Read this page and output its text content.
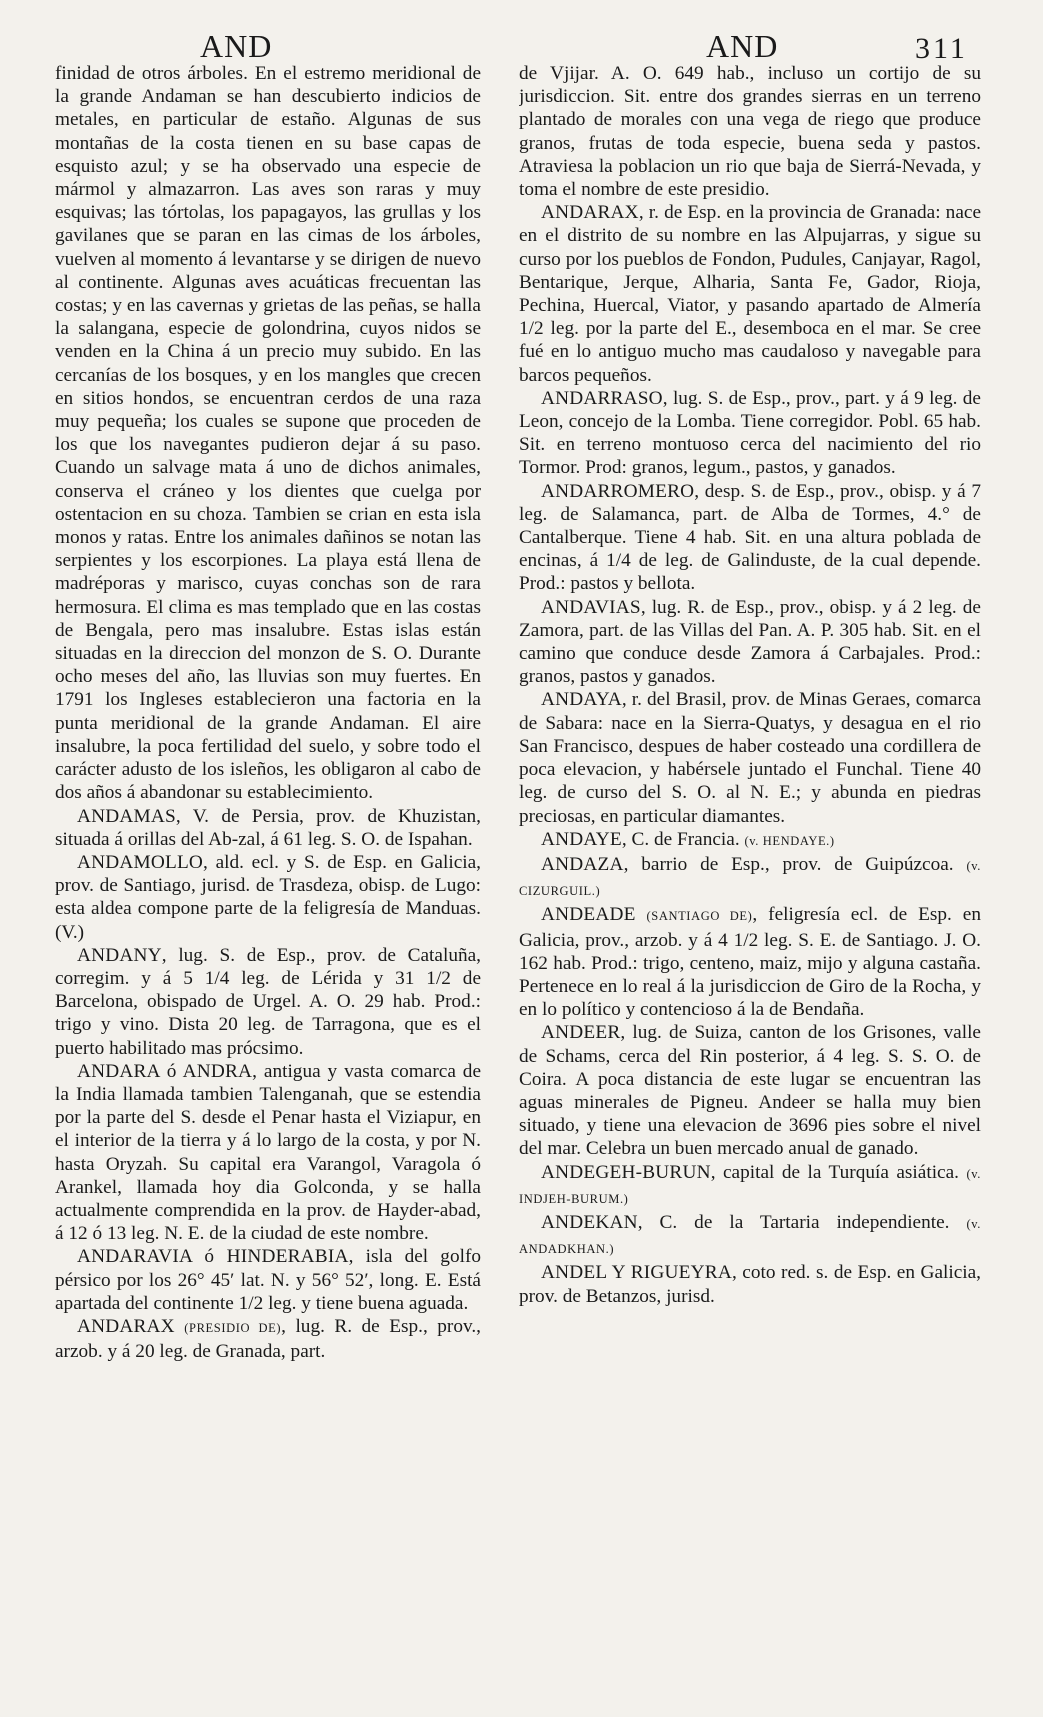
AND	AND	311

finidad de otros árboles. En el estremo meridional de la grande Andaman se han descubierto indicios de metales, en particular de estaño. Algunas de sus montañas de la costa tienen en su base capas de esquisto azul; y se ha observado una especie de mármol y almazarron. Las aves son raras y muy esquivas; las tórtolas, los papagayos, las grullas y los gavilanes que se paran en las cimas de los árboles, vuelven al momento á levantarse y se dirigen de nuevo al continente. Algunas aves acuáticas frecuentan las costas; y en las cavernas y grietas de las peñas, se halla la salangana, especie de golondrina, cuyos nidos se venden en la China á un precio muy subido. En las cercanías de los bosques, y en los mangles que crecen en sitios hondos, se encuentran cerdos de una raza muy pequeña; los cuales se supone que proceden de los que los navegantes pudieron dejar á su paso. Cuando un salvage mata á uno de dichos animales, conserva el cráneo y los dientes que cuelga por ostentacion en su choza. Tambien se crian en esta isla monos y ratas. Entre los animales dañinos se notan las serpientes y los escorpiones. La playa está llena de madréporas y marisco, cuyas conchas son de rara hermosura. El clima es mas templado que en las costas de Bengala, pero mas insalubre. Estas islas están situadas en la direccion del monzon de S. O. Durante ocho meses del año, las lluvias son muy fuertes. En 1791 los Ingleses establecieron una factoria en la punta meridional de la grande Andaman. El aire insalubre, la poca fertilidad del suelo, y sobre todo el carácter adusto de los isleños, les obligaron al cabo de dos años á abandonar su establecimiento.

ANDAMAS, V. de Persia, prov. de Khuzistan, situada á orillas del Ab-zal, á 61 leg. S. O. de Ispahan.

ANDAMOLLO, ald. ecl. y S. de Esp. en Galicia, prov. de Santiago, jurisd. de Trasdeza, obisp. de Lugo: esta aldea compone parte de la feligresía de Manduas. (V.)

ANDANY, lug. S. de Esp., prov. de Cataluña, corregim. y á 5 1/4 leg. de Lérida y 31 1/2 de Barcelona, obispado de Urgel. A. O. 29 hab. Prod.: trigo y vino. Dista 20 leg. de Tarragona, que es el puerto habilitado mas prócsimo.

ANDARA ó ANDRA, antigua y vasta comarca de la India llamada tambien Talenganah, que se estendia por la parte del S. desde el Penar hasta el Viziapur, en el interior de la tierra y á lo largo de la costa, y por N. hasta Oryzah. Su capital era Varangol, Varagola ó Arankel, llamada hoy dia Golconda, y se halla actualmente comprendida en la prov. de Hayder-abad, á 12 ó 13 leg. N. E. de la ciudad de este nombre.

ANDARAVIA ó HINDERABIA, isla del golfo pérsico por los 26° 45′ lat. N. y 56° 52′, long. E. Está apartada del continente 1/2 leg. y tiene buena aguada.

ANDARAX (PRESIDIO DE), lug. R. de Esp., prov., arzob. y á 20 leg. de Granada, part.

de Vjijar. A. O. 649 hab., incluso un cortijo de su jurisdiccion. Sit. entre dos grandes sierras en un terreno plantado de morales con una vega de riego que produce granos, frutas de toda especie, buena seda y pastos. Atraviesa la poblacion un rio que baja de Sierrá-Nevada, y toma el nombre de este presidio.

ANDARAX, r. de Esp. en la provincia de Granada: nace en el distrito de su nombre en las Alpujarras, y sigue su curso por los pueblos de Fondon, Pudules, Canjayar, Ragol, Bentarique, Jerque, Alharia, Santa Fe, Gador, Rioja, Pechina, Huercal, Viator, y pasando apartado de Almería 1/2 leg. por la parte del E., desemboca en el mar. Se cree fué en lo antiguo mucho mas caudaloso y navegable para barcos pequeños.

ANDARRASO, lug. S. de Esp., prov., part. y á 9 leg. de Leon, concejo de la Lomba. Tiene corregidor. Pobl. 65 hab. Sit. en terreno montuoso cerca del nacimiento del rio Tormor. Prod: granos, legum., pastos, y ganados.

ANDARROMERO, desp. S. de Esp., prov., obisp. y á 7 leg. de Salamanca, part. de Alba de Tormes, 4.° de Cantalberque. Tiene 4 hab. Sit. en una altura poblada de encinas, á 1/4 de leg. de Galinduste, de la cual depende. Prod.: pastos y bellota.

ANDAVIAS, lug. R. de Esp., prov., obisp. y á 2 leg. de Zamora, part. de las Villas del Pan. A. P. 305 hab. Sit. en el camino que conduce desde Zamora á Carbajales. Prod.: granos, pastos y ganados.

ANDAYA, r. del Brasil, prov. de Minas Geraes, comarca de Sabara: nace en la Sierra-Quatys, y desagua en el rio San Francisco, despues de haber costeado una cordillera de poca elevacion, y habérsele juntado el Funchal. Tiene 40 leg. de curso del S. O. al N. E.; y abunda en piedras preciosas, en particular diamantes.

ANDAYE, C. de Francia. (v. HENDAYE.)

ANDAZA, barrio de Esp., prov. de Guipúzcoa. (v. CIZURGUIL.)

ANDEADE (SANTIAGO DE), feligresía ecl. de Esp. en Galicia, prov., arzob. y á 4 1/2 leg. S. E. de Santiago. J. O. 162 hab. Prod.: trigo, centeno, maiz, mijo y alguna castaña. Pertenece en lo real á la jurisdiccion de Giro de la Rocha, y en lo político y contencioso á la de Bendaña.

ANDEER, lug. de Suiza, canton de los Grisones, valle de Schams, cerca del Rin posterior, á 4 leg. S. S. O. de Coira. A poca distancia de este lugar se encuentran las aguas minerales de Pigneu. Andeer se halla muy bien situado, y tiene una elevacion de 3696 pies sobre el nivel del mar. Celebra un buen mercado anual de ganado.

ANDEGEH-BURUN, capital de la Turquía asiática. (v. INDJEH-BURUM.)

ANDEKAN, C. de la Tartaria independiente. (v. ANDADKHAN.)

ANDEL Y RIGUEYRA, coto red. s. de Esp. en Galicia, prov. de Betanzos, jurisd.
